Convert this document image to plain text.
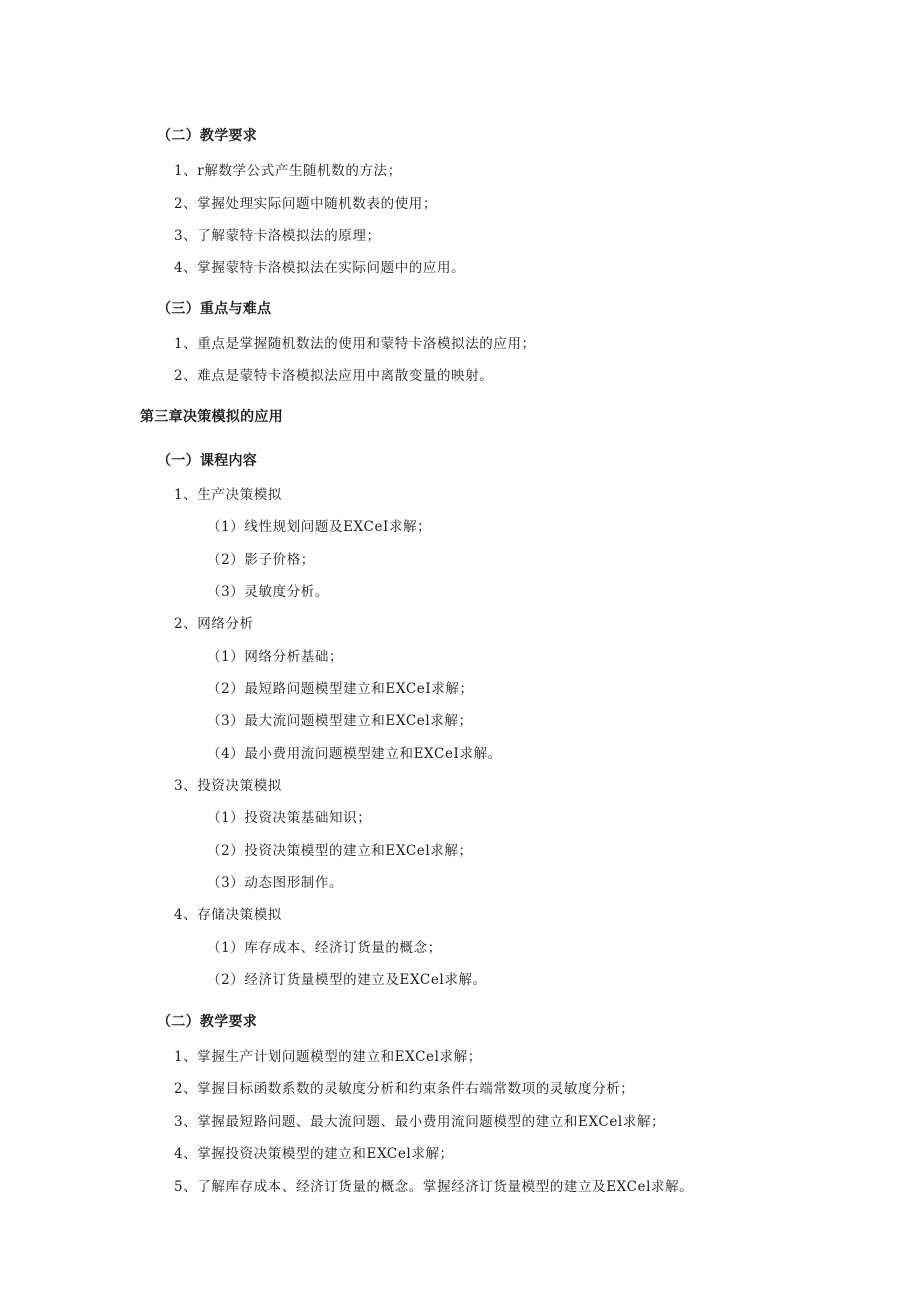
（二）教学要求
1、r解数学公式产生随机数的方法；
2、掌握处理实际问题中随机数表的使用；
3、了解蒙特卡洛模拟法的原理；
4、掌握蒙特卡洛模拟法在实际问题中的应用。
（三）重点与难点
1、重点是掌握随机数法的使用和蒙特卡洛模拟法的应用；
2、难点是蒙特卡洛模拟法应用中离散变量的映射。
第三章决策模拟的应用
（一）课程内容
1、生产决策模拟
（1）线性规划问题及EXCeI求解；
（2）影子价格；
（3）灵敏度分析。
2、网络分析
（1）网络分析基础；
（2）最短路问题模型建立和EXCeI求解；
（3）最大流问题模型建立和EXCel求解；
（4）最小费用流问题模型建立和EXCeI求解。
3、投资决策模拟
（1）投资决策基础知识；
（2）投资决策模型的建立和EXCel求解；
（3）动态图形制作。
4、存储决策模拟
（1）库存成本、经济订货量的概念；
（2）经济订货量模型的建立及EXCel求解。
（二）教学要求
1、掌握生产计划问题模型的建立和EXCel求解；
2、掌握目标函数系数的灵敏度分析和约束条件右端常数项的灵敏度分析；
3、掌握最短路问题、最大流问题、最小费用流问题模型的建立和EXCel求解；
4、掌握投资决策模型的建立和EXCel求解；
5、了解库存成本、经济订货量的概念。掌握经济订货量模型的建立及EXCel求解。
